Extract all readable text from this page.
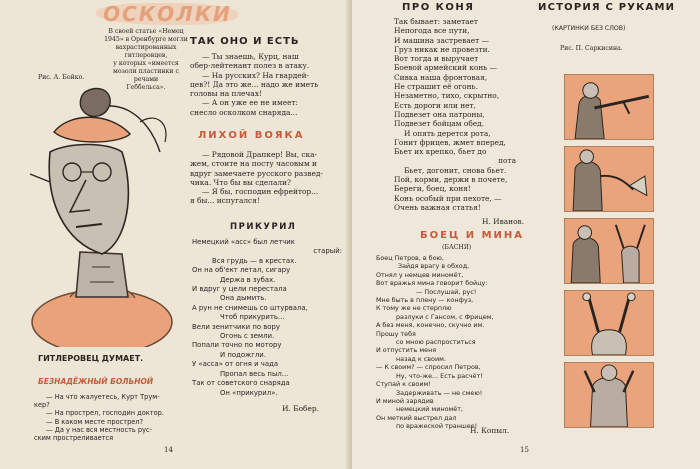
ОСКОЛКИ
В своей статье «Немец
1945» в Оренбурге могли
вахрастированных гитлеровцев,
у которых «имеется
мозоли пластинки с речами
Геббельса».
Рис. А. Бойко.
ТАК ОНО И ЕСТЬ
— Ты знаешь, Курц, наш
обер-лейтенант полез в атаку.
— На русских? На гвардей-
цев?! Да это же... надо же иметь
головы на плечах!
— А он уже ее не имеет:
снесло осколком снаряда...
ЛИХОЙ ВОЯКА
— Рядовой Драпкер! Вы, ска-
жем, стоите на посту часовым и
вдруг замечаете русского развед-
чика. Что бы вы сделали?
— Я бы, господин ефрейтор...
я бы... испугался!
ПРИКУРИЛ
Немецкий «асс» был летчик
старый:
Вся грудь — в крестах.
Он на об'ект летал, сигару
Держа в зубах.
И вдруг у цели перестала
Она дымить.
А рун не снимешь со штурвала,
Чтоб прикурить...
Вели зенитчики по вору
Огонь с земли.
Попали точно по мотору
И подожгли.
У «асса» от огня и чада
Пропал весь пыл...
Так от советского снаряда
Он «прикурил».
И. Бобер.
ГИТЛЕРОВЕЦ ДУМАЕТ.
БЕЗНАДЁЖНЫЙ БОЛЬНОЙ
— На что жалуетесь, Курт Трум-
кер?
— На прострел, господин доктор.
— В каком месте прострел?
— Да у нас вся местность рус-
ским простреливается
14
ПРО КОНЯ	ИСТОРИЯ С РУКАМИ
(КАРТИНКИ БЕЗ СЛОВ)
Рис. П. Саркисина.
Так бывает: заметает
Непогода все пути,
И машина застревает —
Груз никак не провезти.
Вот тогда и выручает
Боевой армейский конь —
Сивка наша фронтовая,
Не страшит её огонь.
Незаметно, тихо, скрытно,
Есть дороги или нет,
Подвезет она патроны,
Подвезет бойцам обед.
И опять дерется рота,
Гонит фрицев, жмет вперед,
Бьет их крепко, бьет до
пота
Бьет, догонит, снова бьет.
Пой, корми, держи в почете,
Береги, боец, коня!
Конь особый при пехоте, —
Очень важная статья!
Н. Иванов.
БОЕЦ И МИНА
(БАСНЯ)
Боец Петров, в бою,
Зайдя врагу в обход,
Отнял у немцев миномёт,
Вот вражья мина говорит бойцу:
— Послушай, рус!
Мне быть в плену — конфуз,
К тому же не стерплю
разлуки с Гансом, с Фрицем,
А без меня, конечно, скучно им.
Прошу тебя
со мною распроститься
И отпустить меня
назад к своим.
— К своим? — спросил Петров,
Ну, что-же... Есть расчёт!
Ступай к своим!
Задерживать — не смею!
И миной зарядив
немецкий миномёт,
Он меткий выстрел дал
по вражеской траншее!
Н. Копыл.
15
